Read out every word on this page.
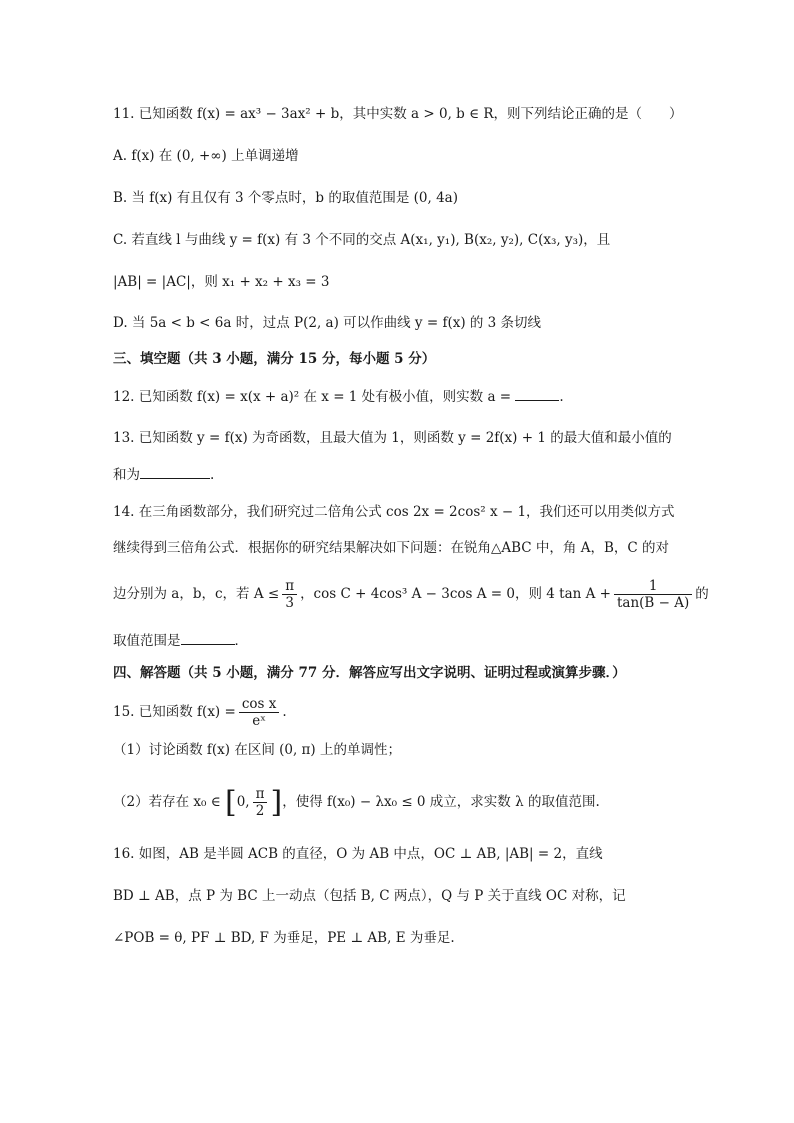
11. 已知函数 f(x) = ax³ − 3ax² + b，其中实数 a > 0, b ∈ R，则下列结论正确的是（　　）
A. f(x) 在 (0, +∞) 上单调递增
B. 当 f(x) 有且仅有 3 个零点时，b 的取值范围是 (0, 4a)
C. 若直线 l 与曲线 y = f(x) 有 3 个不同的交点 A(x₁, y₁), B(x₂, y₂), C(x₃, y₃)，且
|AB| = |AC|，则 x₁ + x₂ + x₃ = 3
D. 当 5a < b < 6a 时，过点 P(2, a) 可以作曲线 y = f(x) 的 3 条切线
三、填空题（共 3 小题，满分 15 分，每小题 5 分）
12. 已知函数 f(x) = x(x + a)² 在 x = 1 处有极小值，则实数 a =	.
13. 已知函数 y = f(x) 为奇函数，且最大值为 1，则函数 y = 2f(x) + 1 的最大值和最小值的
和为	.
14. 在三角函数部分，我们研究过二倍角公式 cos 2x = 2cos² x − 1，我们还可以用类似方式
继续得到三倍角公式．根据你的研究结果解决如下问题：在锐角△ABC 中，角 A，B，C 的对
边分别为 a，b，c，若 $A \le \frac{\pi}{3}$ ，cos C + 4cos³ A − 3cos A = 0，则 4 $\tan A + \frac{1}{\tan(B - A)}$ 的
取值范围是	．
四、解答题（共 5 小题，满分 77 分．解答应写出文字说明、证明过程或演算步骤．）
15. 已知函数 $f(x) = \frac{\text{cos x}}{\text{eˣ}}$ .
（1）讨论函数 f(x) 在区间 (0, π) 上的单调性；
（2）若存在 x₀ ∈ [0, $\frac{\pi}{2}$ ]，使得 f(x₀) − λx₀ ≤ 0 成立，求实数 λ 的取值范围.
16. 如图，AB 是半圆 ACB 的直径，O 为 AB 中点，OC ⊥ AB, |AB| = 2，直线
BD ⊥ AB，点 P 为 BC 上一动点（包括 B, C 两点），Q 与 P 关于直线 OC 对称，记
∠POB = θ, PF ⊥ BD, F 为垂足，PE ⊥ AB, E 为垂足.
